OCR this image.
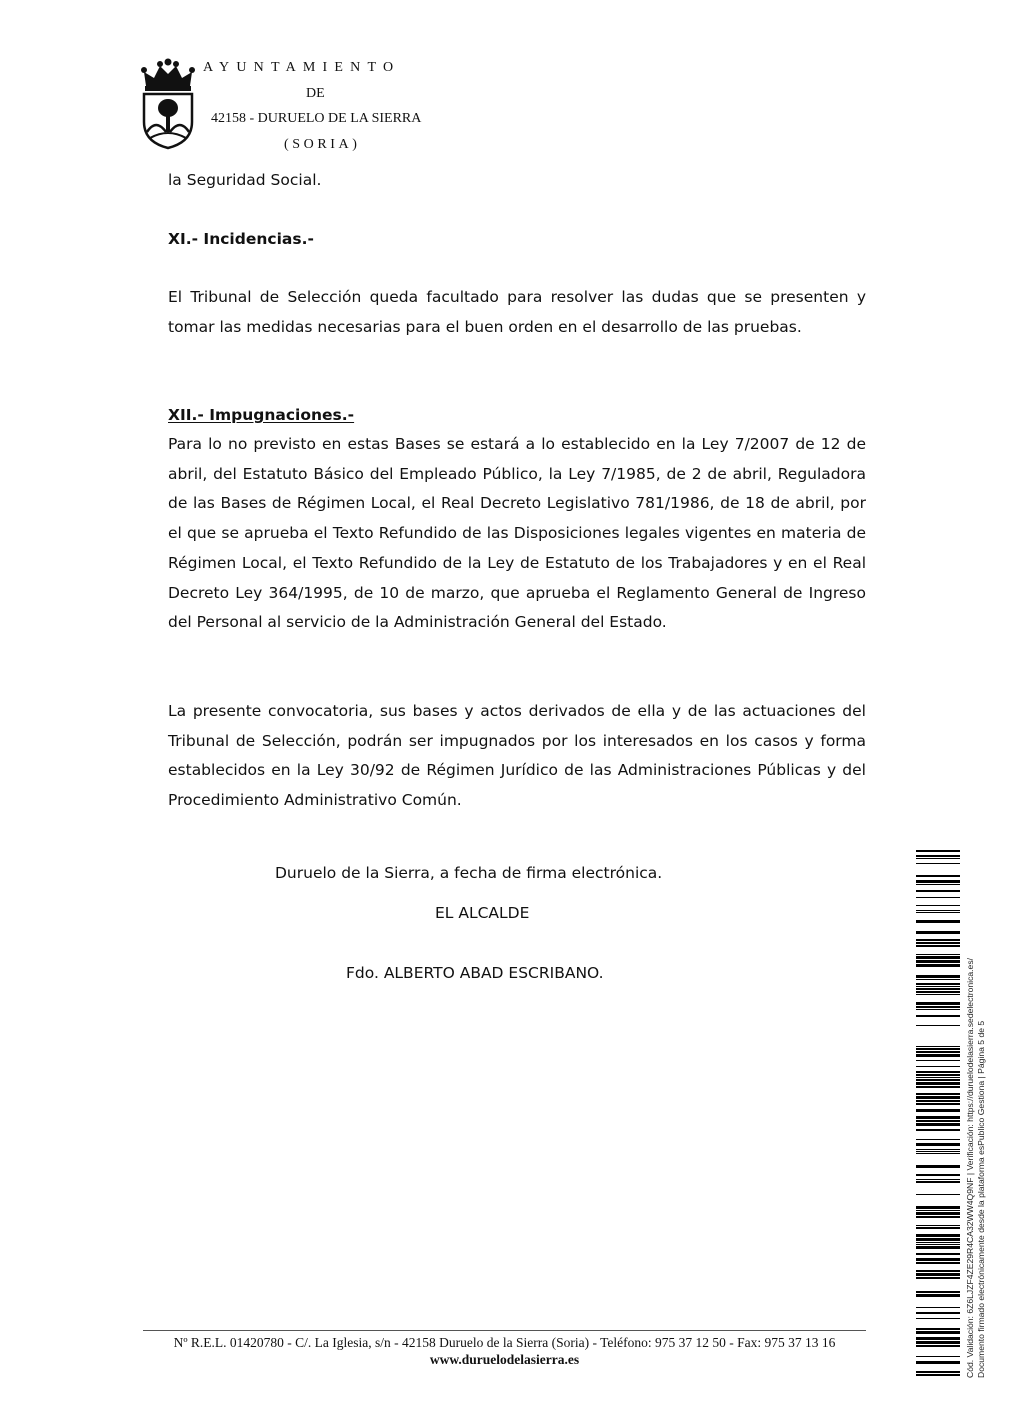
AYUNTAMIENTO
DE
42158 - DURUELO DE LA SIERRA
(SORIA)
la Seguridad Social.
XI.- Incidencias.-
El Tribunal de Selección queda facultado para resolver las dudas que se presenten y tomar las medidas necesarias para el buen orden en el desarrollo de las pruebas.
XII.- Impugnaciones.-
Para lo no previsto en estas Bases se estará a lo establecido en la Ley 7/2007 de 12 de abril, del Estatuto Básico del Empleado Público, la Ley 7/1985, de 2 de abril, Reguladora de las Bases de Régimen Local, el Real Decreto Legislativo 781/1986, de 18 de abril, por el que se aprueba el Texto Refundido de las Disposiciones legales vigentes en materia de Régimen Local, el Texto Refundido de la Ley de Estatuto de los Trabajadores y en el Real Decreto Ley 364/1995, de 10 de marzo, que aprueba el Reglamento General de Ingreso del Personal al servicio de la Administración General del Estado.
La presente convocatoria, sus bases y actos derivados de ella y de las actuaciones del Tribunal de Selección, podrán ser impugnados por los interesados en los casos y forma establecidos en la Ley 30/92 de Régimen Jurídico de las Administraciones Públicas y del Procedimiento Administrativo Común.
Duruelo de la Sierra, a fecha de firma electrónica.
EL ALCALDE
Fdo. ALBERTO ABAD ESCRIBANO.	Cód. Validación: 6Z6LJZF4ZE29R4CA32WW4Q9NF | Verificación: https://duruelodelasierra.sedelectronica.es/ Documento firmado electrónicamente desde la plataforma esPublico Gestiona | Página 5 de 5
Nº R.E.L. 01420780 - C/. La Iglesia, s/n - 42158 Duruelo de la Sierra (Soria) - Teléfono: 975 37 12 50 - Fax: 975 37 13 16
www.duruelodelasierra.es
